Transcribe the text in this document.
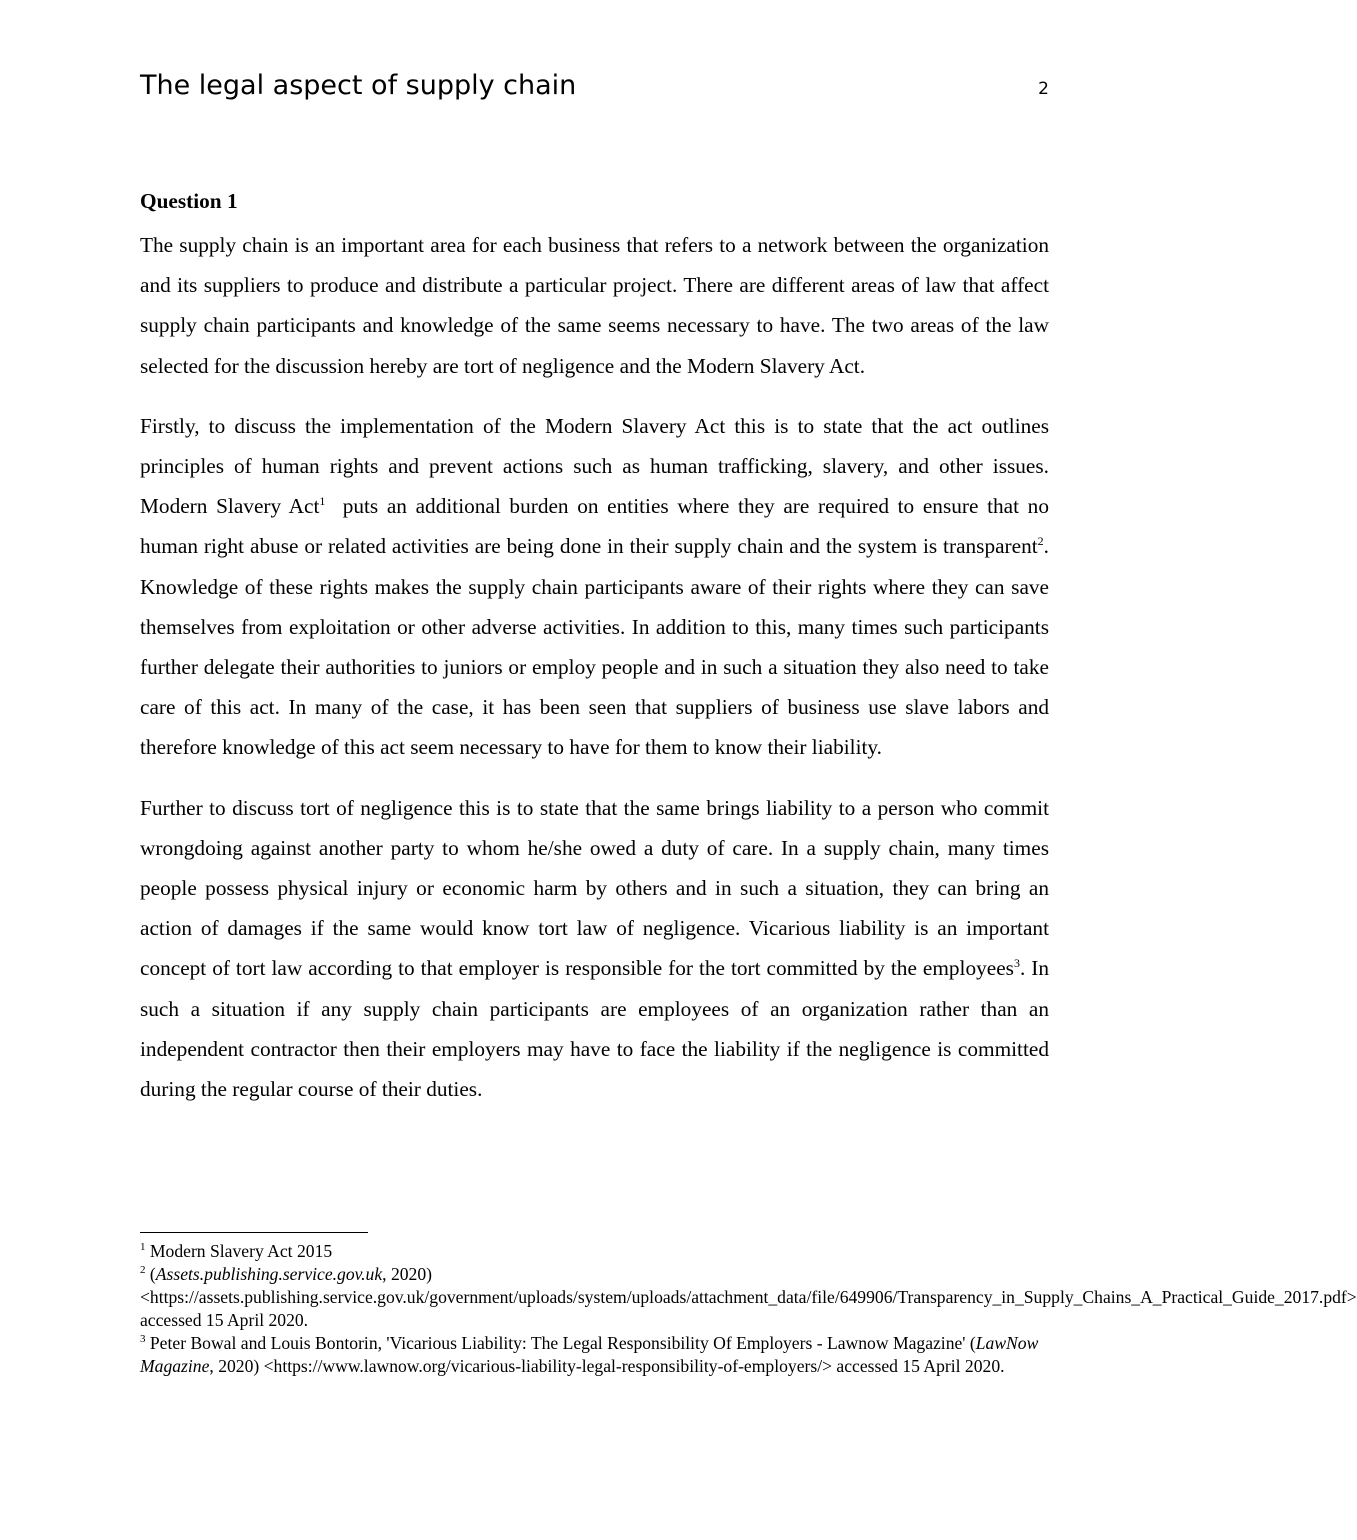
The legal aspect of supply chain	2
Question 1

The supply chain is an important area for each business that refers to a network between the organization and its suppliers to produce and distribute a particular project. There are different areas of law that affect supply chain participants and knowledge of the same seems necessary to have. The two areas of the law selected for the discussion hereby are tort of negligence and the Modern Slavery Act.

Firstly, to discuss the implementation of the Modern Slavery Act this is to state that the act outlines principles of human rights and prevent actions such as human trafficking, slavery, and other issues. Modern Slavery Act$^1$  puts an additional burden on entities where they are required to ensure that no human right abuse or related activities are being done in their supply chain and the system is transparent$^2$. Knowledge of these rights makes the supply chain participants aware of their rights where they can save themselves from exploitation or other adverse activities. In addition to this, many times such participants further delegate their authorities to juniors or employ people and in such a situation they also need to take care of this act. In many of the case, it has been seen that suppliers of business use slave labors and therefore knowledge of this act seem necessary to have for them to know their liability.

Further to discuss tort of negligence this is to state that the same brings liability to a person who commit wrongdoing against another party to whom he/she owed a duty of care. In a supply chain, many times people possess physical injury or economic harm by others and in such a situation, they can bring an action of damages if the same would know tort law of negligence. Vicarious liability is an important concept of tort law according to that employer is responsible for the tort committed by the employees$^3$. In such a situation if any supply chain participants are employees of an organization rather than an independent contractor then their employers may have to face the liability if the negligence is committed during the regular course of their duties.

$^1$ Modern Slavery Act 2015

$^2$ (Assets.publishing.service.gov.uk, 2020) <https://assets.publishing.service.gov.uk/government/uploads/system/uploads/attachment_data/file/649906/Transparency_in_Supply_Chains_A_Practical_Guide_2017.pdf> accessed 15 April 2020.

$^3$ Peter Bowal and Louis Bontorin, 'Vicarious Liability: The Legal Responsibility Of Employers - Lawnow Magazine' (LawNow Magazine, 2020) <https://www.lawnow.org/vicarious-liability-legal-responsibility-of-employers/> accessed 15 April 2020.
